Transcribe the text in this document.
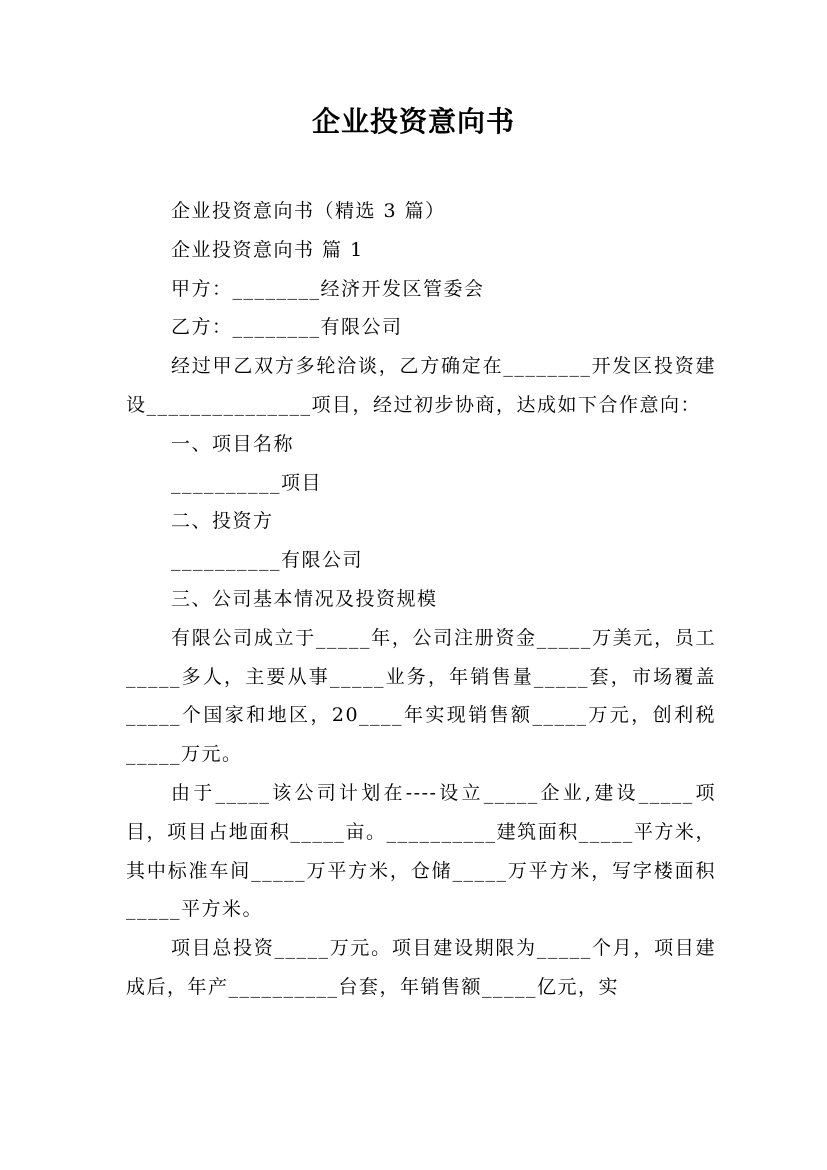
企业投资意向书

企业投资意向书（精选 3 篇）

企业投资意向书 篇 1

甲方：________经济开发区管委会

乙方：________有限公司

经过甲乙双方多轮洽谈，乙方确定在________开发区投资建设_______________项目，经过初步协商，达成如下合作意向：

一、项目名称

__________项目

二、投资方

__________有限公司

三、公司基本情况及投资规模

有限公司成立于_____年，公司注册资金_____万美元，员工_____多人，主要从事_____业务，年销售量_____套，市场覆盖_____个国家和地区，20____年实现销售额_____万元，创利税_____万元。

由于_____该公司计划在----设立_____企业,建设_____项目，项目占地面积_____亩。__________建筑面积_____平方米，其中标准车间_____万平方米，仓储_____万平方米，写字楼面积_____平方米。

项目总投资_____万元。项目建设期限为_____个月，项目建成后，年产__________台套，年销售额_____亿元，实
